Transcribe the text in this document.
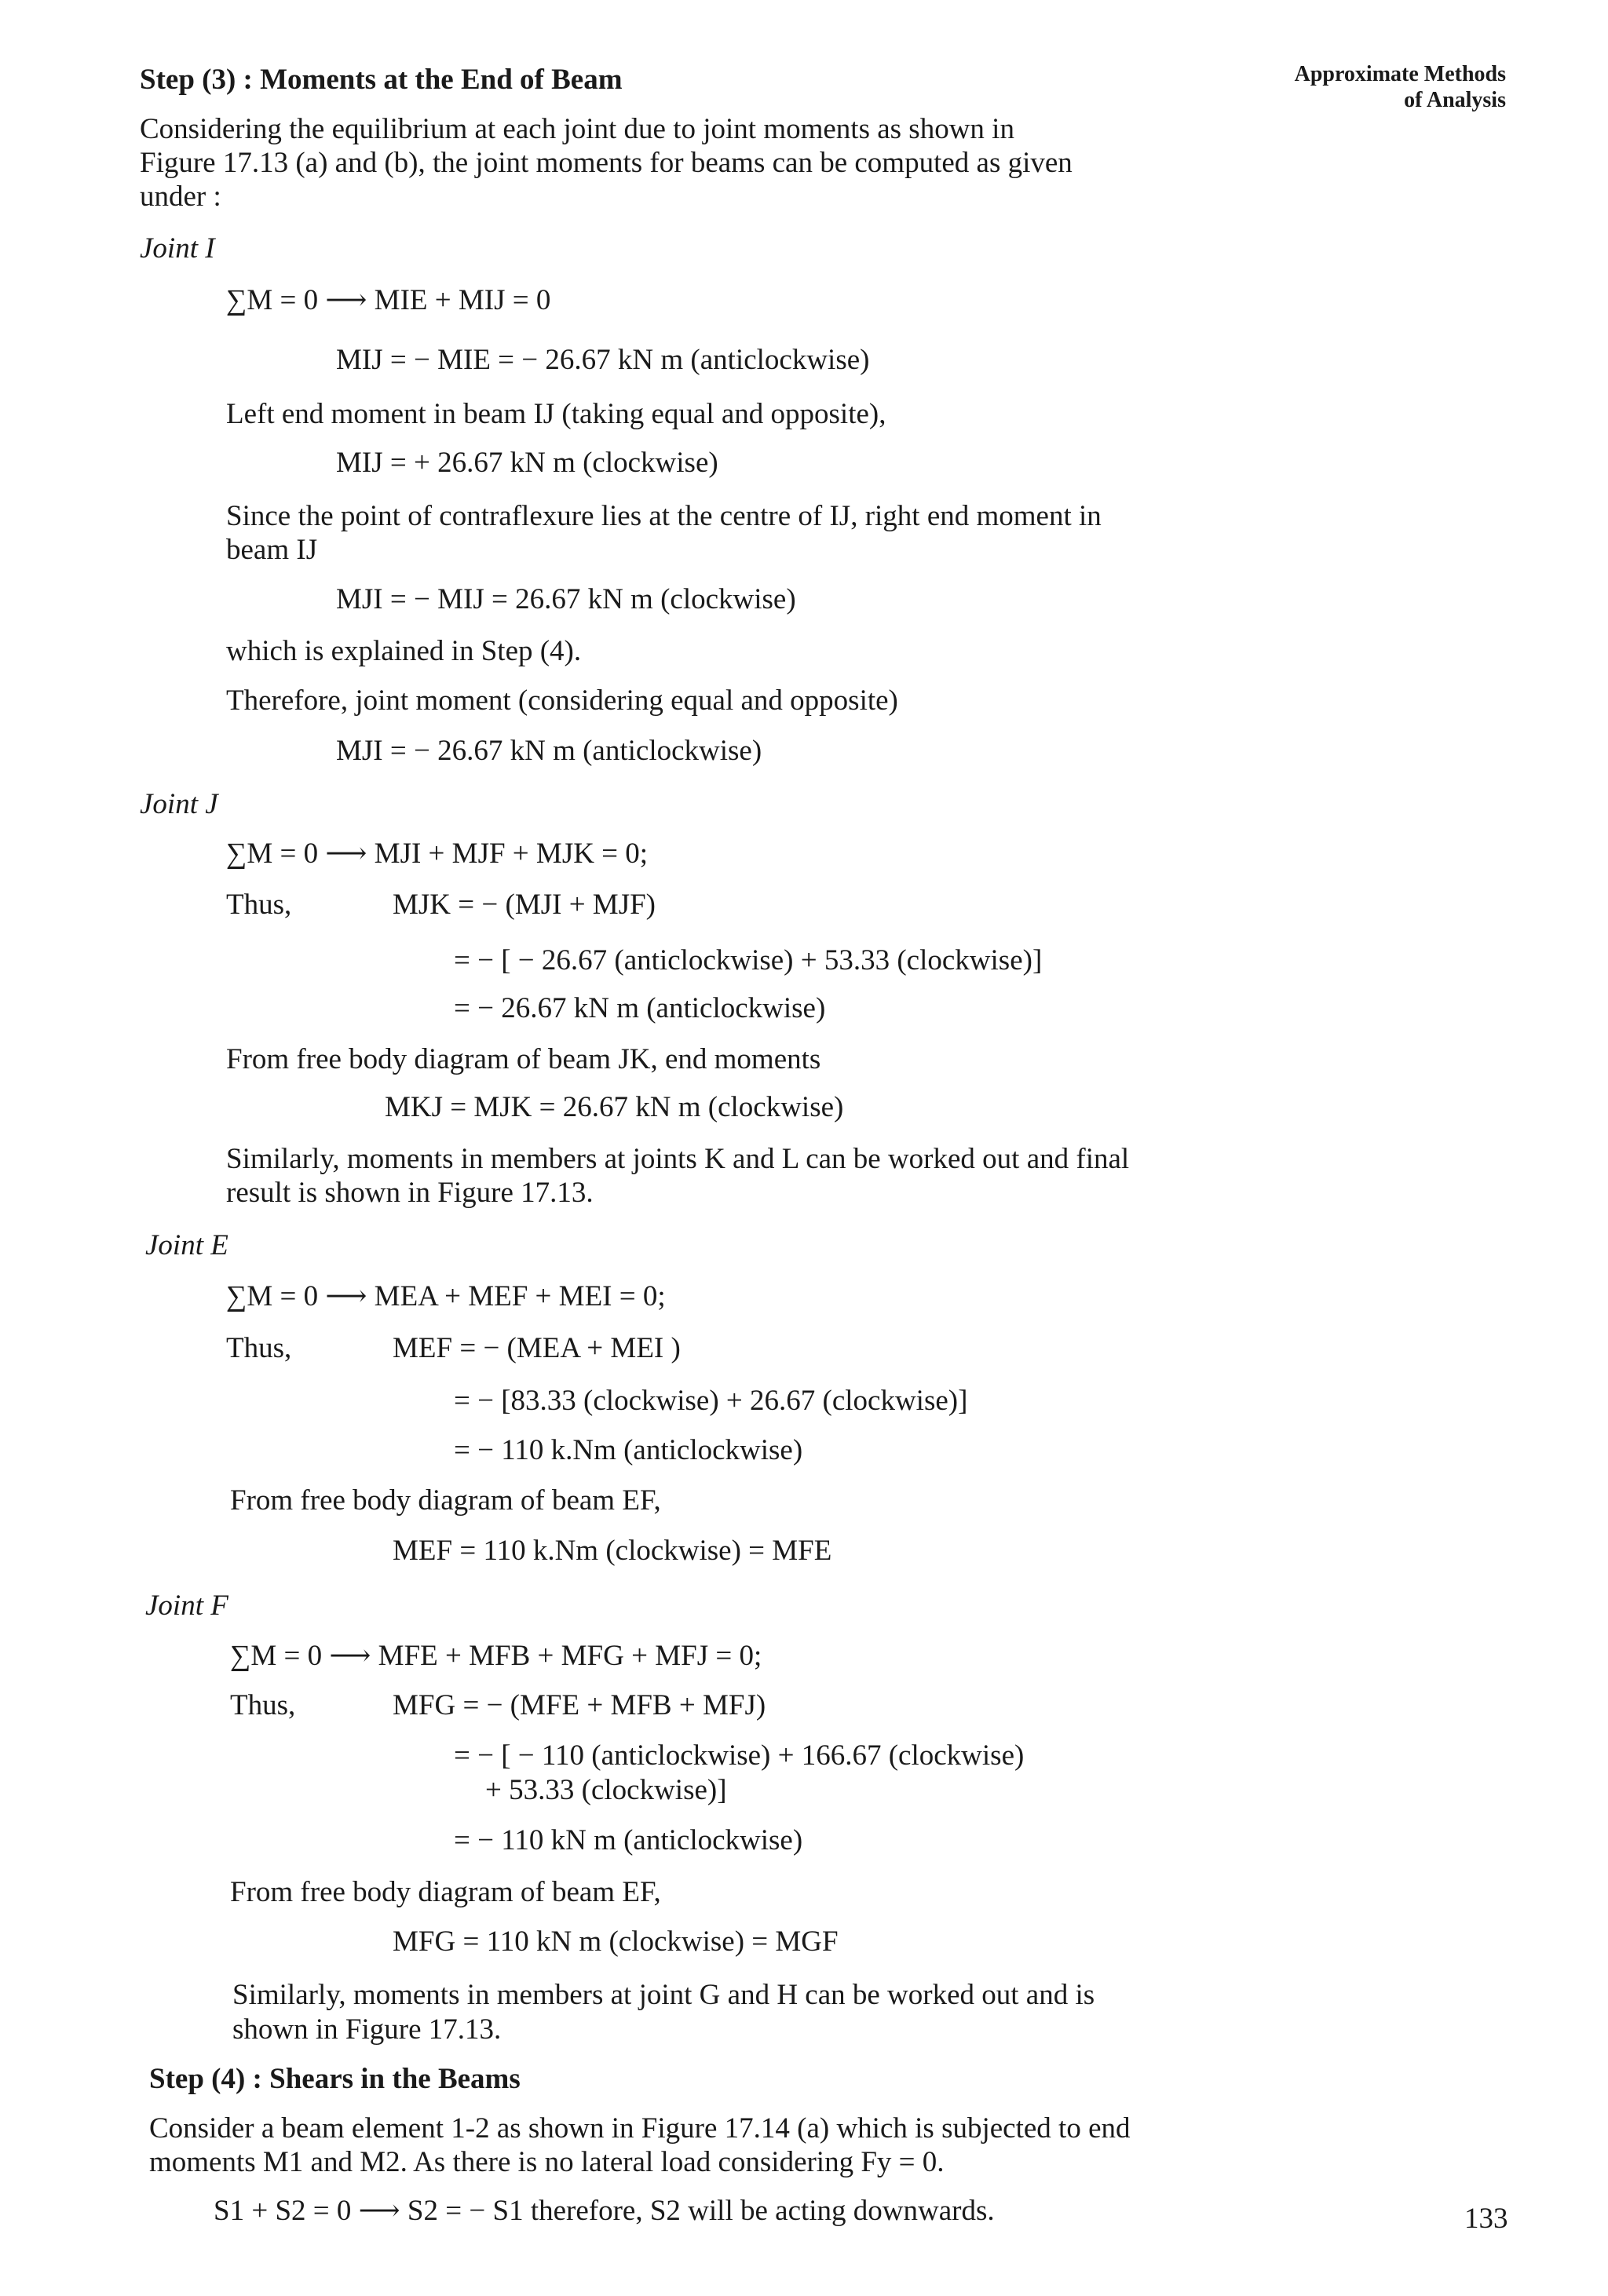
Step (3) : Moments at the End of Beam	Approximate Methods
of Analysis
Considering the equilibrium at each joint due to joint moments as shown in
Figure 17.13 (a) and (b), the joint moments for beams can be computed as given
under :
Joint I
∑M = 0 ⟶ MIE + MIJ = 0
MIJ = − MIE = − 26.67 kN m (anticlockwise)
Left end moment in beam IJ (taking equal and opposite),
MIJ = + 26.67 kN m (clockwise)
Since the point of contraflexure lies at the centre of IJ, right end moment in
beam IJ
MJI = − MIJ = 26.67 kN m (clockwise)
which is explained in Step (4).
Therefore, joint moment (considering equal and opposite)
MJI = − 26.67 kN m (anticlockwise)
Joint J
∑M = 0 ⟶ MJI + MJF + MJK = 0;
Thus,	MJK = − (MJI + MJF)
= − [ − 26.67 (anticlockwise) + 53.33 (clockwise)]
= − 26.67 kN m (anticlockwise)
From free body diagram of beam JK, end moments
MKJ = MJK = 26.67 kN m (clockwise)
Similarly, moments in members at joints K and L can be worked out and final
result is shown in Figure 17.13.
Joint E
∑M = 0 ⟶ MEA + MEF + MEI = 0;
Thus,	MEF = − (MEA + MEI )
= − [83.33 (clockwise) + 26.67 (clockwise)]
= − 110 k.Nm (anticlockwise)
From free body diagram of beam EF,
MEF = 110 k.Nm (clockwise) = MFE
Joint F
∑M = 0 ⟶ MFE + MFB + MFG + MFJ = 0;
Thus,	MFG = − (MFE + MFB + MFJ)
= − [ − 110 (anticlockwise) + 166.67 (clockwise)
+ 53.33 (clockwise)]
= − 110 kN m (anticlockwise)
From free body diagram of beam EF,
MFG = 110 kN m (clockwise) = MGF
Similarly, moments in members at joint G and H can be worked out and is
shown in Figure 17.13.
Step (4) : Shears in the Beams
Consider a beam element 1-2 as shown in Figure 17.14 (a) which is subjected to end
moments M1 and M2. As there is no lateral load considering Fy = 0.
S1 + S2 = 0 ⟶ S2 = − S1 therefore, S2 will be acting downwards.	133
